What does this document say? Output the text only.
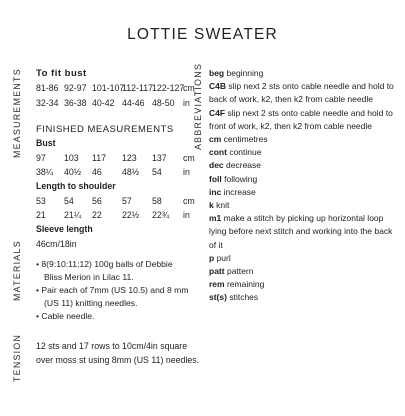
LOTTIE SWEATER
MEASUREMENTS	ABBREVIATIONS
MATERIALS
TENSION
To fit bust
81-86 92-97 101-107
112-117 122-127
cm
32-34 36-38 40-42 44-46 48-50 in
FINISHED MEASUREMENTS
Bust
97 103 117 123 137 cm
38¼ 40½ 46 48½ 54 in
Length to shoulder
53 54 56 57 58 cm
21 21¼ 22 22½ 22¾ in
Sleeve length
46cm/18in
• 8(9:10:11:12) 100g balls of Debbie Bliss Merion in Lilac 11.
• Pair each of 7mm (US 10.5) and 8 mm (US 11) knitting needles.
• Cable needle.
12 sts and 17 rows to 10cm/4in square
over moss st using 8mm (US 11) needles.
beg beginning
C4B slip next 2 sts onto cable needle and hold to back of work, k2, then k2 from cable needle
C4F slip next 2 sts onto cable needle and hold to front of work, k2, then k2 from cable needle
cm centimetres
cont continue
dec decrease
foll following
inc increase
k knit
m1 make a stitch by picking up horizontal loop lying before next stitch and working into the back of it
p purl
patt pattern
rem remaining
st(s) stitches
